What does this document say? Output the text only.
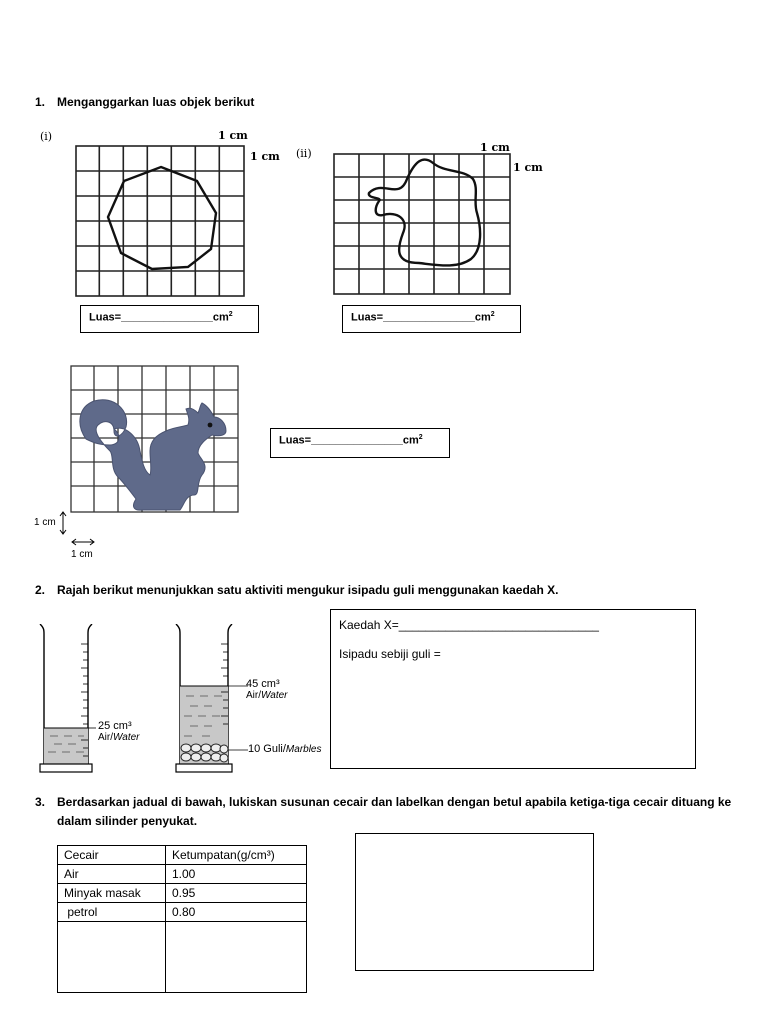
1. Menganggarkan luas objek berikut
(i)	1 cm
1 cm (ii)	1 cm
1 cm
$Luas=\_\_\_\_\_\_\_\_\_\_\_\_\_\_\_cm^2$	$Luas=\_\_\_\_\_\_\_\_\_\_\_\_\_\_\_cm^2$
1 cm
1 cm
$Luas=\_\_\_\_\_\_\_\_\_\_\_\_\_\_\_cm^2$
2. Rajah berikut menunjukkan satu aktiviti mengukur isipadu guli menggunakan kaedah X.
25 cm³
Air/Water
45 cm³
Air/Water
10 Guli/Marbles
Kaedah X=______________________________
Isipadu sebiji guli =
3. Berdasarkan jadual di bawah, lukiskan susunan cecair dan labelkan dengan betul apabila ketiga-tiga cecair dituang ke
dalam silinder penyukat.
Cecair	Ketumpatan(g/cm³)
Air	1.00
Minyak masak	0.95
petrol	0.80
